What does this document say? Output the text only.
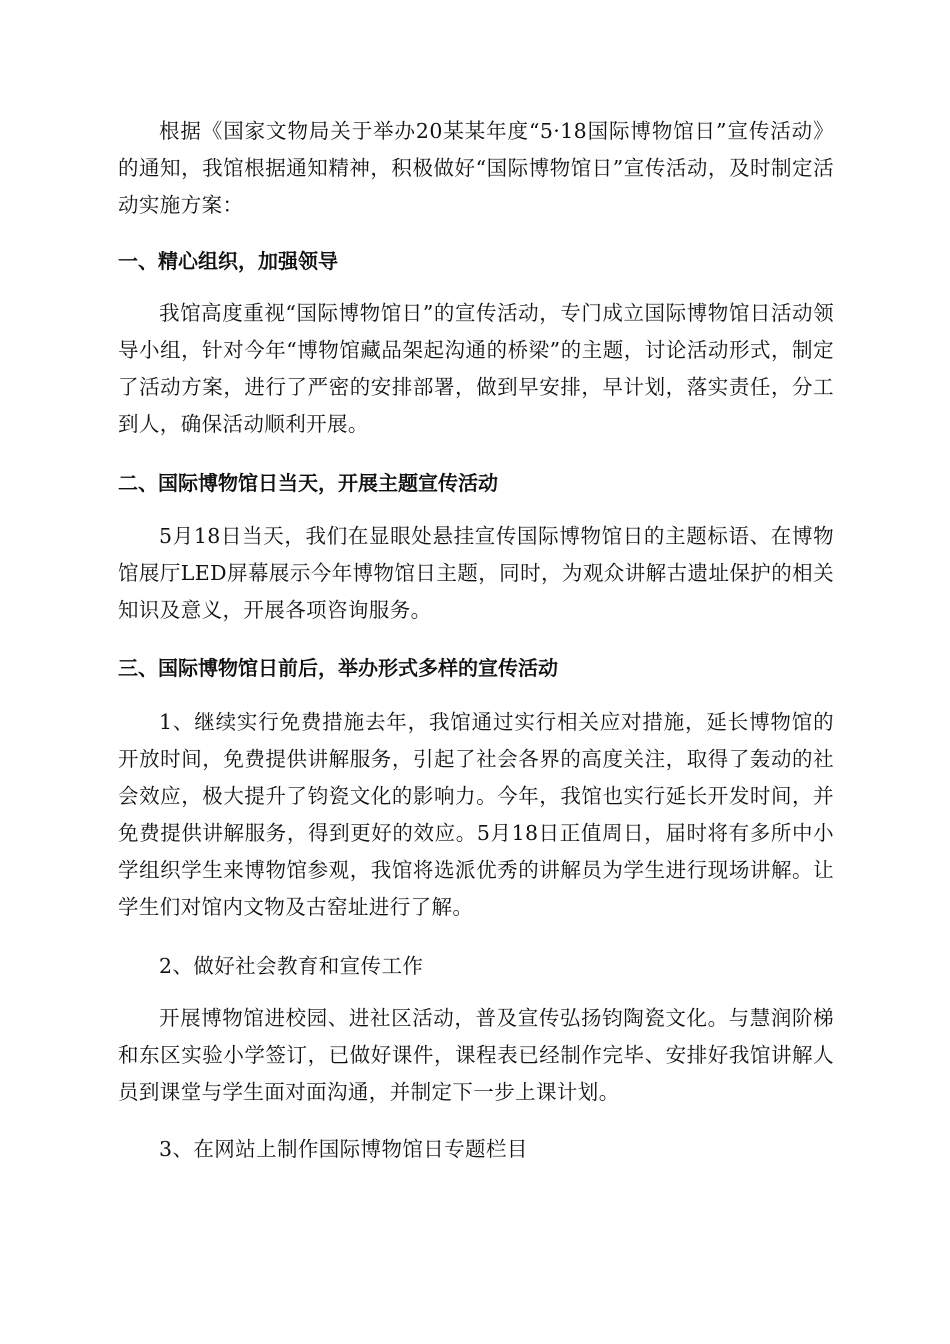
根据《国家文物局关于举办20某某年度“5·18国际博物馆日”宣传活动》的通知，我馆根据通知精神，积极做好“国际博物馆日”宣传活动，及时制定活动实施方案：

一、精心组织，加强领导

我馆高度重视“国际博物馆日”的宣传活动，专门成立国际博物馆日活动领导小组，针对今年“博物馆藏品架起沟通的桥梁”的主题，讨论活动形式，制定了活动方案，进行了严密的安排部署，做到早安排，早计划，落实责任，分工到人，确保活动顺利开展。

二、国际博物馆日当天，开展主题宣传活动

5月18日当天，我们在显眼处悬挂宣传国际博物馆日的主题标语、在博物馆展厅LED屏幕展示今年博物馆日主题，同时，为观众讲解古遗址保护的相关知识及意义，开展各项咨询服务。

三、国际博物馆日前后，举办形式多样的宣传活动

1、继续实行免费措施去年，我馆通过实行相关应对措施，延长博物馆的开放时间，免费提供讲解服务，引起了社会各界的高度关注，取得了轰动的社会效应，极大提升了钧瓷文化的影响力。今年，我馆也实行延长开发时间，并免费提供讲解服务，得到更好的效应。5月18日正值周日，届时将有多所中小学组织学生来博物馆参观，我馆将选派优秀的讲解员为学生进行现场讲解。让学生们对馆内文物及古窑址进行了解。

2、做好社会教育和宣传工作

开展博物馆进校园、进社区活动，普及宣传弘扬钧陶瓷文化。与慧润阶梯和东区实验小学签订，已做好课件，课程表已经制作完毕、安排好我馆讲解人员到课堂与学生面对面沟通，并制定下一步上课计划。

3、在网站上制作国际博物馆日专题栏目
